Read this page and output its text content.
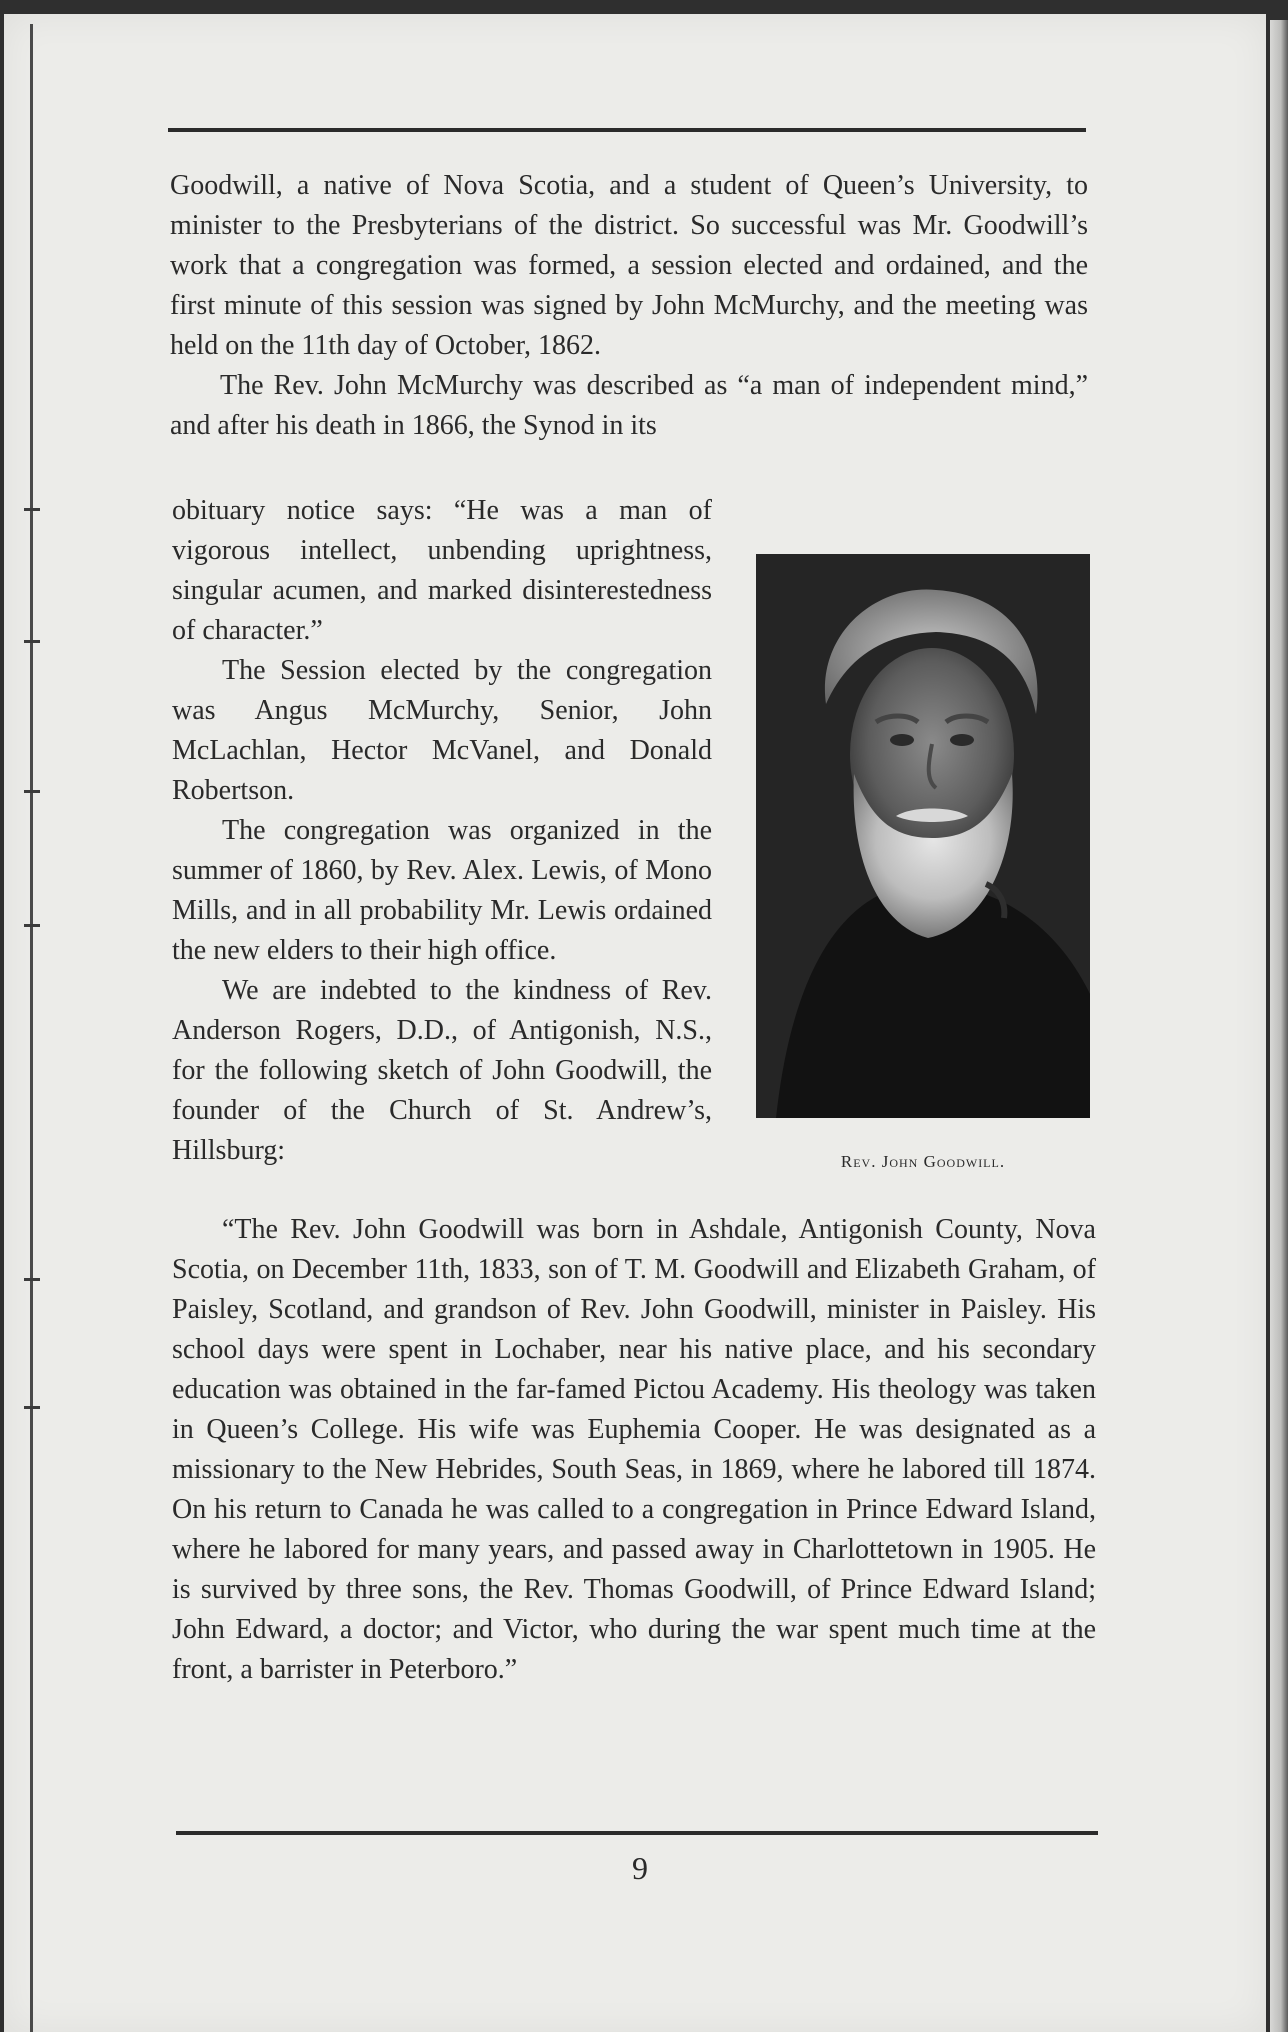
Goodwill, a native of Nova Scotia, and a student of Queen’s University, to minister to the Presbyterians of the district. So successful was Mr. Goodwill’s work that a congregation was formed, a session elected and ordained, and the first minute of this session was signed by John McMurchy, and the meeting was held on the 11th day of October, 1862.

The Rev. John McMurchy was described as “a man of independent mind,” and after his death in 1866, the Synod in its

obituary notice says: “He was a man of vigorous intellect, unbending uprightness, singular acumen, and marked disinterestedness of character.”

The Session elected by the congregation was Angus McMurchy, Senior, John McLachlan, Hector McVanel, and Donald Robertson.

The congregation was organized in the summer of 1860, by Rev. Alex. Lewis, of Mono Mills, and in all probability Mr. Lewis ordained the new elders to their high office.

We are indebted to the kindness of Rev. Anderson Rogers, D.D., of Antigonish, N.S., for the following sketch of John Goodwill, the founder of the Church of St. Andrew’s, Hillsburg:	Rev. John Goodwill.

“The Rev. John Goodwill was born in Ashdale, Antigonish County, Nova Scotia, on December 11th, 1833, son of T. M. Goodwill and Elizabeth Graham, of Paisley, Scotland, and grandson of Rev. John Goodwill, minister in Paisley. His school days were spent in Lochaber, near his native place, and his secondary education was obtained in the far-famed Pictou Academy. His theology was taken in Queen’s College. His wife was Euphemia Cooper. He was designated as a missionary to the New Hebrides, South Seas, in 1869, where he labored till 1874. On his return to Canada he was called to a congregation in Prince Edward Island, where he labored for many years, and passed away in Charlottetown in 1905. He is survived by three sons, the Rev. Thomas Goodwill, of Prince Edward Island; John Edward, a doctor; and Victor, who during the war spent much time at the front, a barrister in Peterboro.”

9
